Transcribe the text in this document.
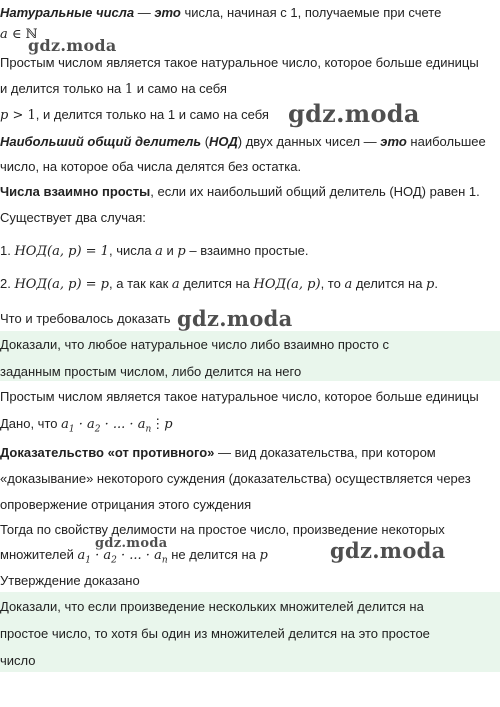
Натуральные числа — это числа, начиная с 1, получаемые при счете
a ∈ ℕ
Простым числом является такое натуральное число, которое больше единицы
и делится только на 1 и само на себя
p > 1, и делится только на 1 и само на себя
Наибольший общий делитель (НОД) двух данных чисел — это наибольшее
число, на которое оба числа делятся без остатка.
Числа взаимно просты, если их наибольший общий делитель (НОД) равен 1.
Существует два случая:
1. НОД(a, p) = 1, числа a и p – взаимно простые.
2. НОД(a, p) = p, а так как a делится на НОД(a, p), то a делится на p.
Что и требовалось доказать
Доказали, что любое натуральное число либо взаимно просто с
заданным простым числом, либо делится на него
Простым числом является такое натуральное число, которое больше единицы
Дано, что $a_1 \cdot a_2$ · ... · $a_n⋮p$
Доказательство «от противного» — вид доказательства, при котором
«доказывание» некоторого суждения (доказательства) осуществляется через
опровержение отрицания этого суждения
Тогда по свойству делимости на простое число, произведение некоторых
множителей $a_1 \cdot a_2$ · ... · $a_n$ не делится на p
Утверждение доказано
Доказали, что если произведение нескольких множителей делится на
простое число, то хотя бы один из множителей делится на это простое
число
gdz.moda
gdz.moda
gdz.moda
gdz.moda
gdz.moda
